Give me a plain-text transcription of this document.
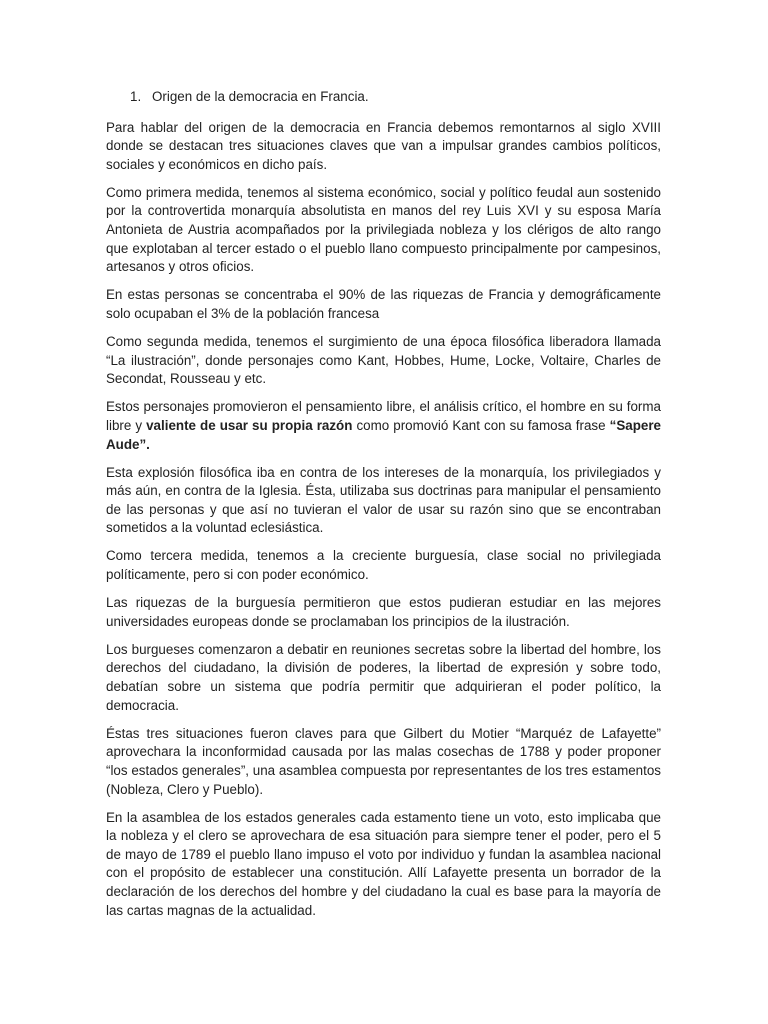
1. Origen de la democracia en Francia.

Para hablar del origen de la democracia en Francia debemos remontarnos al siglo XVIII donde se destacan tres situaciones claves que van a impulsar grandes cambios políticos, sociales y económicos en dicho país.

Como primera medida, tenemos al sistema económico, social y político feudal aun sostenido por la controvertida monarquía absolutista en manos del rey Luis XVI y su esposa María Antonieta de Austria acompañados por la privilegiada nobleza y los clérigos de alto rango que explotaban al tercer estado o el pueblo llano compuesto principalmente por campesinos, artesanos y otros oficios.

En estas personas se concentraba el 90% de las riquezas de Francia y demográficamente solo ocupaban el 3% de la población francesa

Como segunda medida, tenemos el surgimiento de una época filosófica liberadora llamada “La ilustración”, donde personajes como Kant, Hobbes, Hume, Locke, Voltaire, Charles de Secondat, Rousseau y etc.

Estos personajes promovieron el pensamiento libre, el análisis crítico, el hombre en su forma libre y valiente de usar su propia razón como promovió Kant con su famosa frase “Sapere Aude”.

Esta explosión filosófica iba en contra de los intereses de la monarquía, los privilegiados y más aún, en contra de la Iglesia. Ésta, utilizaba sus doctrinas para manipular el pensamiento de las personas y que así no tuvieran el valor de usar su razón sino que se encontraban sometidos a la voluntad eclesiástica.

Como tercera medida, tenemos a la creciente burguesía, clase social no privilegiada políticamente, pero si con poder económico.

Las riquezas de la burguesía permitieron que estos pudieran estudiar en las mejores universidades europeas donde se proclamaban los principios de la ilustración.

Los burgueses comenzaron a debatir en reuniones secretas sobre la libertad del hombre, los derechos del ciudadano, la división de poderes, la libertad de expresión y sobre todo, debatían sobre un sistema que podría permitir que adquirieran el poder político, la democracia.

Éstas tres situaciones fueron claves para que Gilbert du Motier “Marquéz de Lafayette” aprovechara la inconformidad causada por las malas cosechas de 1788 y poder proponer “los estados generales”, una asamblea compuesta por representantes de los tres estamentos (Nobleza, Clero y Pueblo).

En la asamblea de los estados generales cada estamento tiene un voto, esto implicaba que la nobleza y el clero se aprovechara de esa situación para siempre tener el poder, pero el 5 de mayo de 1789 el pueblo llano impuso el voto por individuo y fundan la asamblea nacional con el propósito de establecer una constitución. Allí Lafayette presenta un borrador de la declaración de los derechos del hombre y del ciudadano la cual es base para la mayoría de las cartas magnas de la actualidad.
